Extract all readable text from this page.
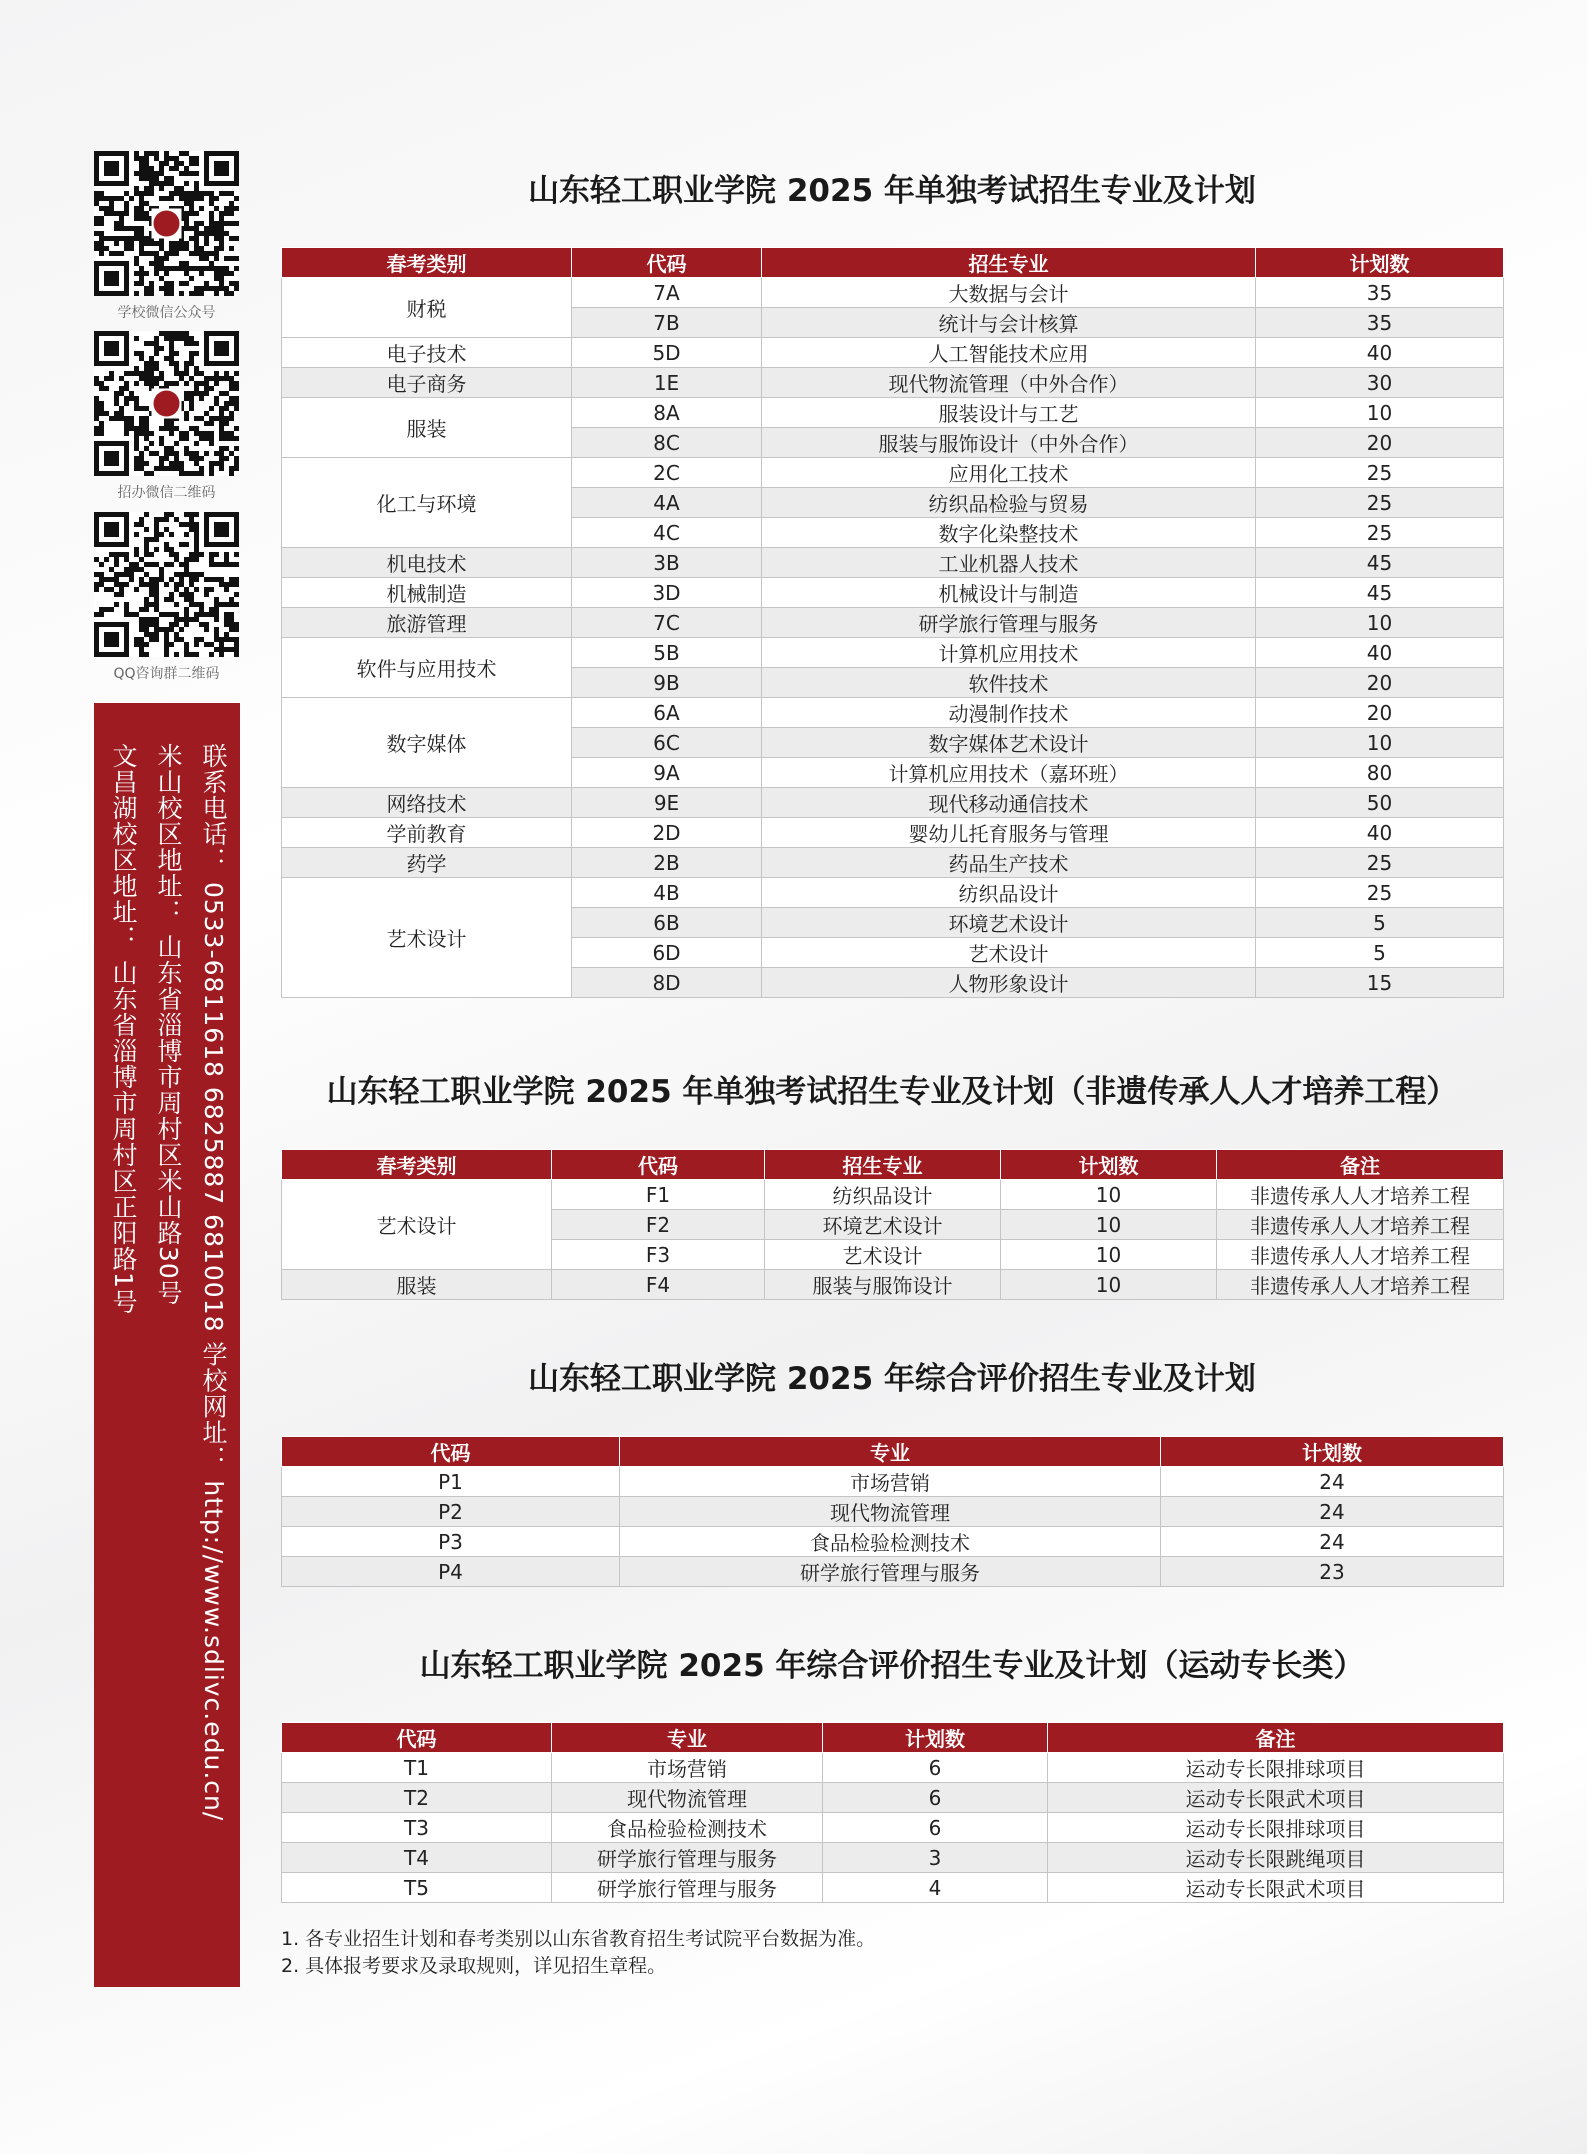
学校微信公众号
招办微信二维码
QQ咨询群二维码
联系电话： 0533-6811618 6825887 6810018 学校网址： http://www.sdlivc.edu.cn/
米山校区地址： 山东省淄博市周村区米山路30号
文昌湖校区地址： 山东省淄博市周村区正阳路1号
山东轻工职业学院 2025 年单独考试招生专业及计划
春考类别	代码	招生专业	计划数
财税	7A	大数据与会计	35
	7B	统计与会计核算	35
电子技术	5D	人工智能技术应用	40
电子商务	1E	现代物流管理（中外合作）	30
服装	8A	服装设计与工艺	10
	8C	服装与服饰设计（中外合作）	20
化工与环境	2C	应用化工技术	25
	4A	纺织品检验与贸易	25
	4C	数字化染整技术	25
机电技术	3B	工业机器人技术	45
机械制造	3D	机械设计与制造	45
旅游管理	7C	研学旅行管理与服务	10
软件与应用技术	5B	计算机应用技术	40
	9B	软件技术	20
数字媒体	6A	动漫制作技术	20
	6C	数字媒体艺术设计	10
	9A	计算机应用技术（嘉环班）	80
网络技术	9E	现代移动通信技术	50
学前教育	2D	婴幼儿托育服务与管理	40
药学	2B	药品生产技术	25
艺术设计	4B	纺织品设计	25
	6B	环境艺术设计	5
	6D	艺术设计	5
	8D	人物形象设计	15
山东轻工职业学院 2025 年单独考试招生专业及计划（非遗传承人人才培养工程）
春考类别	代码	招生专业	计划数	备注
艺术设计	F1	纺织品设计	10	非遗传承人人才培养工程
	F2	环境艺术设计	10	非遗传承人人才培养工程
	F3	艺术设计	10	非遗传承人人才培养工程
服装	F4	服装与服饰设计	10	非遗传承人人才培养工程
山东轻工职业学院 2025 年综合评价招生专业及计划
代码	专业	计划数
P1	市场营销	24
P2	现代物流管理	24
P3	食品检验检测技术	24
P4	研学旅行管理与服务	23
山东轻工职业学院 2025 年综合评价招生专业及计划（运动专长类）
代码	专业	计划数	备注
T1	市场营销	6	运动专长限排球项目
T2	现代物流管理	6	运动专长限武术项目
T3	食品检验检测技术	6	运动专长限排球项目
T4	研学旅行管理与服务	3	运动专长限跳绳项目
T5	研学旅行管理与服务	4	运动专长限武术项目
1. 各专业招生计划和春考类别以山东省教育招生考试院平台数据为准。
2. 具体报考要求及录取规则，详见招生章程。
